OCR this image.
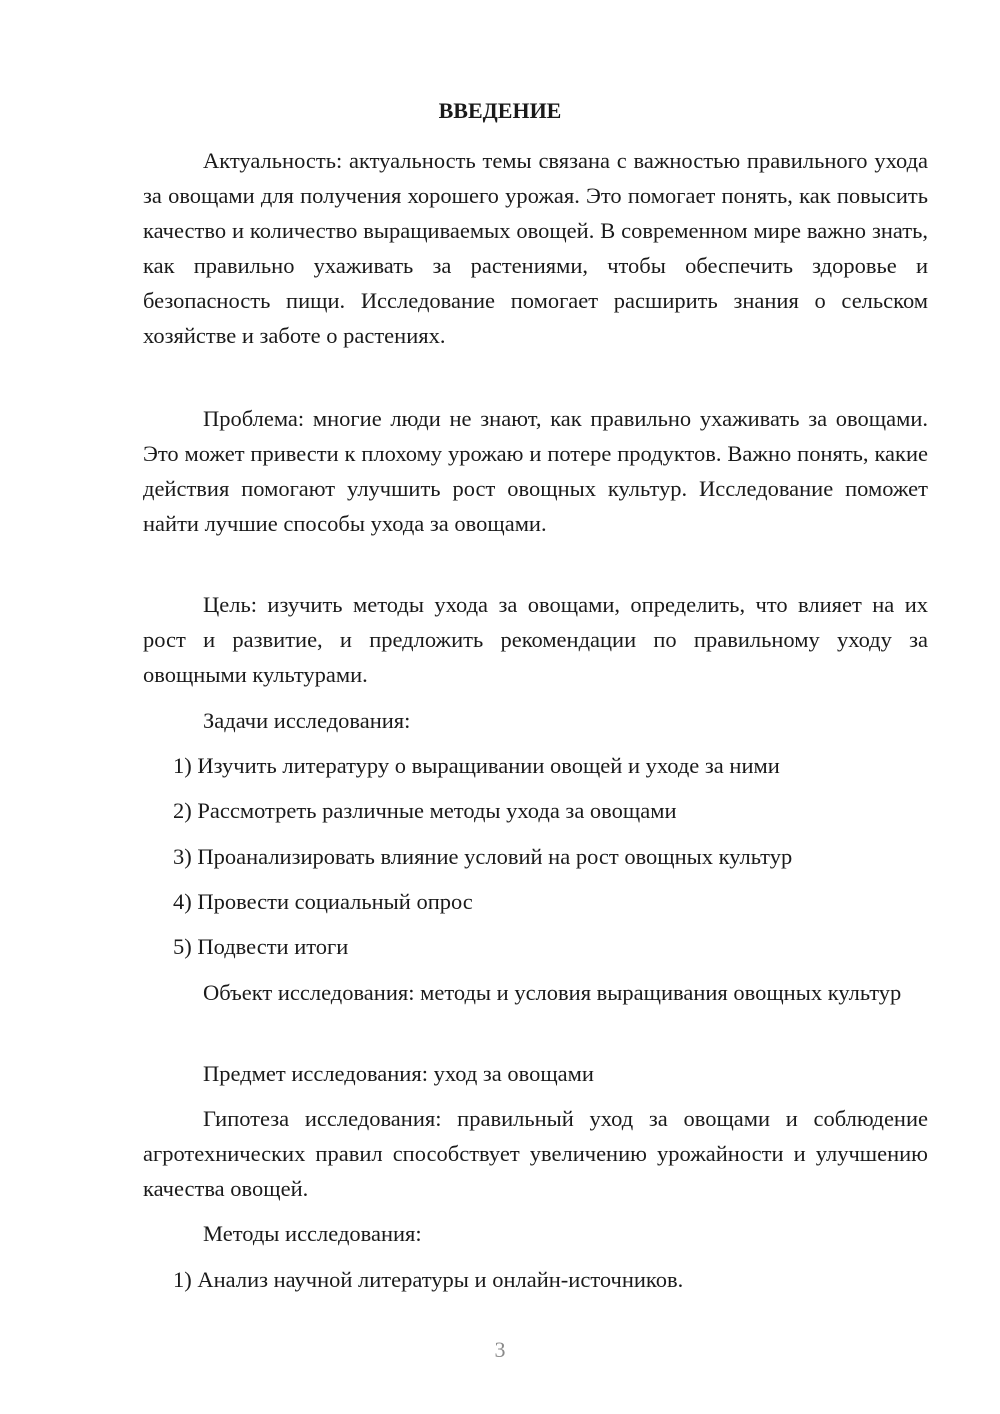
ВВЕДЕНИЕ

Актуальность: актуальность темы связана с важностью правильного ухода за овощами для получения хорошего урожая. Это помогает понять, как повысить качество и количество выращиваемых овощей. В современном мире важно знать, как правильно ухаживать за растениями, чтобы обеспечить здоровье и безопасность пищи. Исследование помогает расширить знания о сельском хозяйстве и заботе о растениях.

Проблема: многие люди не знают, как правильно ухаживать за овощами. Это может привести к плохому урожаю и потере продуктов. Важно понять, какие действия помогают улучшить рост овощных культур. Исследование поможет найти лучшие способы ухода за овощами.

Цель: изучить методы ухода за овощами, определить, что влияет на их рост и развитие, и предложить рекомендации по правильному уходу за овощными культурами.

Задачи исследования:
1) Изучить литературу о выращивании овощей и уходе за ними
2) Рассмотреть различные методы ухода за овощами
3) Проанализировать влияние условий на рост овощных культур
4) Провести социальный опрос
5) Подвести итоги

Объект исследования: методы и условия выращивания овощных культур

Предмет исследования: уход за овощами

Гипотеза исследования: правильный уход за овощами и соблюдение агротехнических правил способствует увеличению урожайности и улучшению качества овощей.

Методы исследования:
1) Анализ научной литературы и онлайн-источников.
3
